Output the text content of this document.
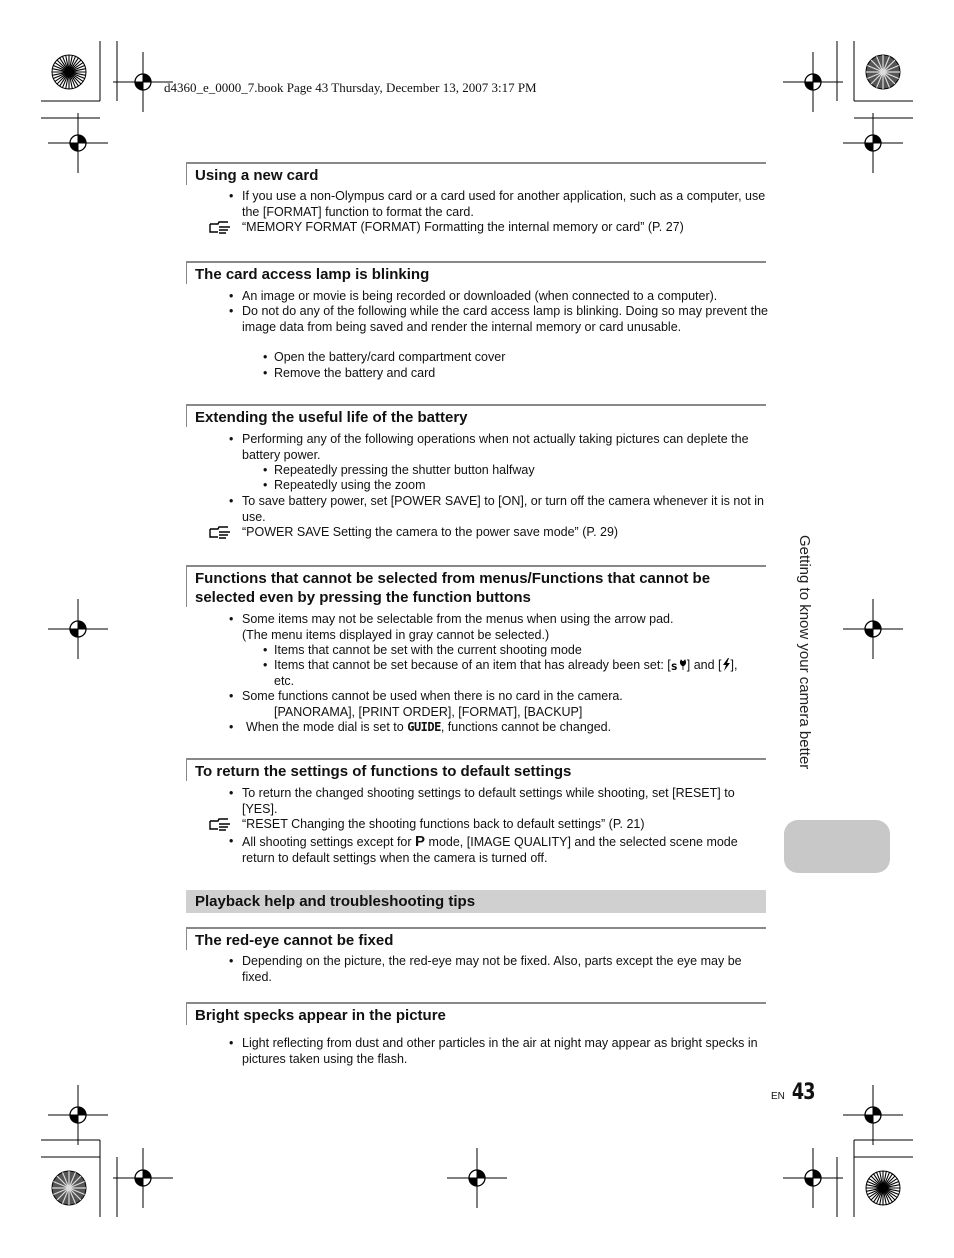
d4360_e_0000_7.book Page 43 Thursday, December 13, 2007 3:17 PM
Using a new card
• If you use a non-Olympus card or a card used for another application, such as a computer, use the [FORMAT] function to format the card.
“MEMORY FORMAT (FORMAT) Formatting the internal memory or card” (P. 27)
The card access lamp is blinking
• An image or movie is being recorded or downloaded (when connected to a computer).
• Do not do any of the following while the card access lamp is blinking. Doing so may prevent the image data from being saved and render the internal memory or card unusable.
• Open the battery/card compartment cover
• Remove the battery and card
Extending the useful life of the battery
• Performing any of the following operations when not actually taking pictures can deplete the battery power.
• Repeatedly pressing the shutter button halfway
• Repeatedly using the zoom
• To save battery power, set [POWER SAVE] to [ON], or turn off the camera whenever it is not in use.
“POWER SAVE Setting the camera to the power save mode” (P. 29)
Functions that cannot be selected from menus/Functions that cannot be
selected even by pressing the function buttons
• Some items may not be selectable from the menus when using the arrow pad.
(The menu items displayed in gray cannot be selected.)
• Items that cannot be set with the current shooting mode
• Items that cannot be set because of an item that has already been set: [ S ] and [ ],
etc.
• Some functions cannot be used when there is no card in the camera.
[PANORAMA], [PRINT ORDER], [FORMAT], [BACKUP]
• When the mode dial is set to GUIDE, functions cannot be changed.
To return the settings of functions to default settings
• To return the changed shooting settings to default settings while shooting, set [RESET] to [YES].
“RESET Changing the shooting functions back to default settings” (P. 21)
• All shooting settings except for P mode, [IMAGE QUALITY] and the selected scene mode return to default settings when the camera is turned off.
Playback help and troubleshooting tips
The red-eye cannot be fixed
• Depending on the picture, the red-eye may not be fixed. Also, parts except the eye may be fixed.
Bright specks appear in the picture
• Light reflecting from dust and other particles in the air at night may appear as bright specks in pictures taken using the flash.
Getting to know your camera better
EN 43
